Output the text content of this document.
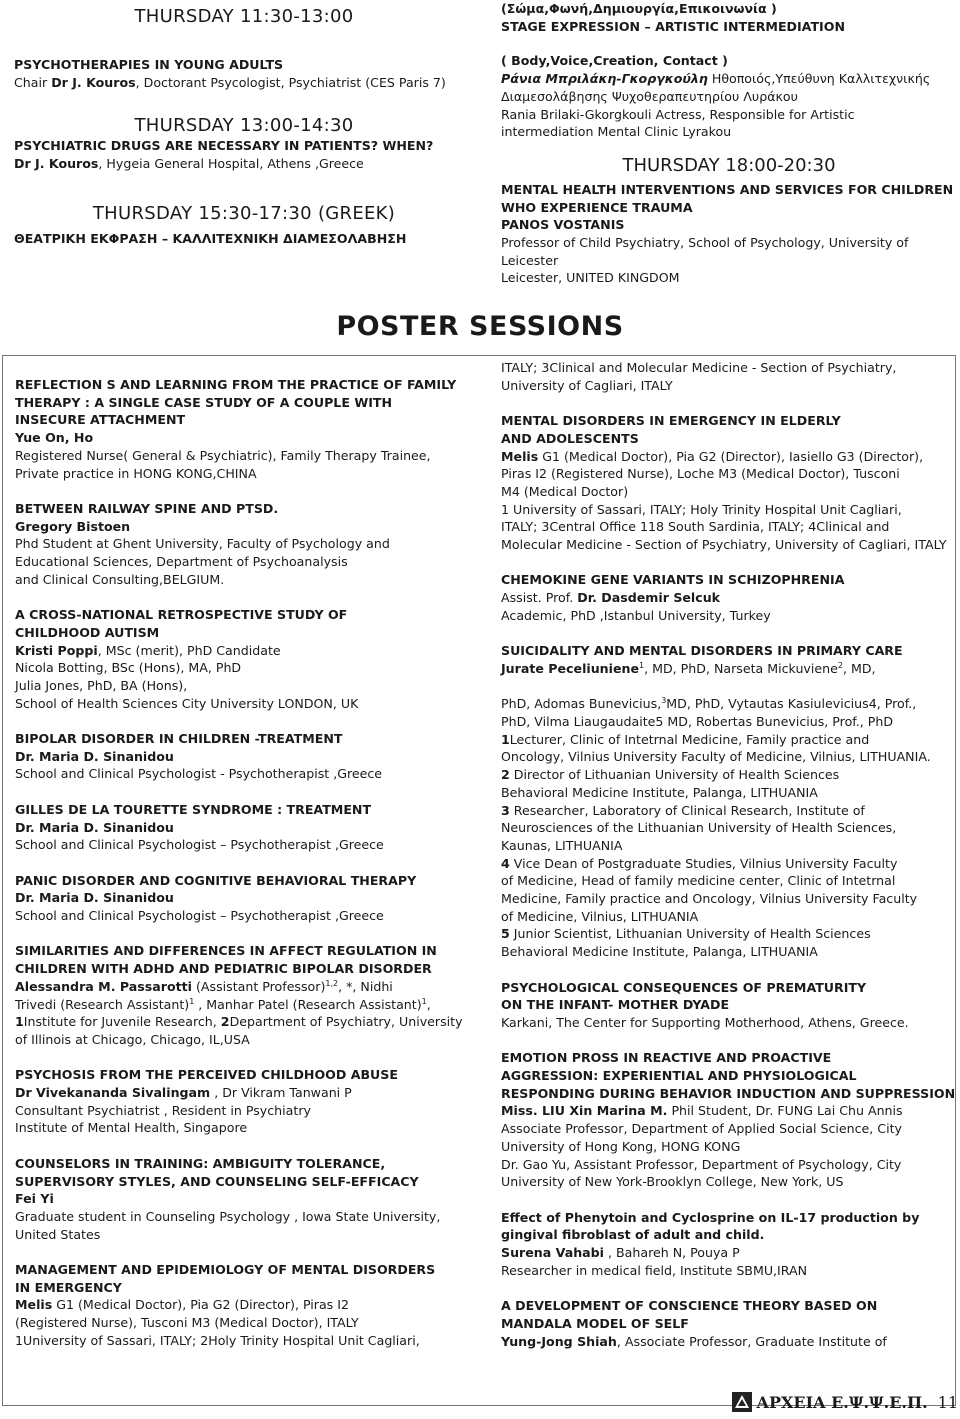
THURSDAY 11:30-13:00

PSYCHOTHERAPIES IN YOUNG ADULTS

Chair Dr J. Kouros, Doctorant Psycologist, Psychiatrist (CES Paris 7)

THURSDAY 13:00-14:30

PSYCHIATRIC DRUGS ARE NECESSARY IN PATIENTS? WHEN?

Dr J. Kouros, Hygeia General Hospital, Athens ,Greece

THURSDAY 15:30-17:30 (GREEK)

ΘΕΑΤΡΙΚΗ ΕΚΦΡΑΣΗ – ΚΑΛΛΙΤΕΧΝΙΚΗ ΔΙΑΜΕΣΟΛΑΒΗΣΗ

(Σώμα,Φωνή,Δημιουργία,Επικοινωνία )

STAGE EXPRESSION – ARTISTIC INTERMEDIATION

( Body,Voice,Creation, Contact )

Ράνια Μπριλάκη-Γκοργκούλη Ηθοποιός,Υπεύθυνη Καλλιτεχνικής

Διαμεσολάβησης Ψυχοθεραπευτηρίου Λυράκου

Rania Brilaki-Gkorgkouli Actress, Responsible for Artistic

intermediation Mental Clinic Lyrakou

THURSDAY 18:00-20:30

MENTAL HEALTH INTERVENTIONS AND SERVICES FOR CHILDREN

WHO EXPERIENCE TRAUMA

PANOS VOSTANIS

Professor of Child Psychiatry, School of Psychology, University of Leicester

Leicester, UNITED KINGDOM

POSTER SESSIONS

REFLECTION S AND LEARNING FROM THE PRACTICE OF FAMILY

THERAPY : A SINGLE CASE STUDY OF A COUPLE WITH

INSECURE ATTACHMENT

Yue On, Ho

Registered Nurse( General & Psychiatric), Family Therapy Trainee,

Private practice in HONG KONG,CHINA

BETWEEN RAILWAY SPINE AND PTSD.

Gregory Bistoen

Phd Student at Ghent University, Faculty of Psychology and

Educational Sciences, Department of Psychoanalysis

and Clinical Consulting,BELGIUM.

A CROSS-NATIONAL RETROSPECTIVE STUDY OF

CHILDHOOD AUTISM

Kristi Poppi, MSc (merit), PhD Candidate

Nicola Botting, BSc (Hons), MA, PhD

Julia Jones, PhD, BA (Hons),

School of Health Sciences City University LONDON, UK

BIPOLAR DISORDER IN CHILDREN -TREATMENT

Dr. Maria D. Sinanidou

School and Clinical Psychologist - Psychotherapist ,Greece

GILLES DE LA TOURETTE SYNDROME : TREATMENT

Dr. Maria D. Sinanidou

School and Clinical Psychologist – Psychotherapist ,Greece

PANIC DISORDER AND COGNITIVE BEHAVIORAL THERAPY

Dr. Maria D. Sinanidou

School and Clinical Psychologist – Psychotherapist ,Greece

SIMILARITIES AND DIFFERENCES IN AFFECT REGULATION IN

CHILDREN WITH ADHD AND PEDIATRIC BIPOLAR DISORDER

Alessandra M. Passarotti (Assistant Professor)$^{1,2}$, *, Nidhi

Trivedi (Research Assistant)$^1$ , Manhar Patel (Research Assistant)$^1$,

1Institute for Juvenile Research, 2Department of Psychiatry, University

of Illinois at Chicago, Chicago, IL,USA

PSYCHOSIS FROM THE PERCEIVED CHILDHOOD ABUSE

Dr Vivekananda Sivalingam , Dr Vikram Tanwani P

Consultant Psychiatrist , Resident in Psychiatry

Institute of Mental Health, Singapore

COUNSELORS IN TRAINING: AMBIGUITY TOLERANCE,

SUPERVISORY STYLES, AND COUNSELING SELF-EFFICACY

Fei Yi

Graduate student in Counseling Psychology , Iowa State University,

United States

MANAGEMENT AND EPIDEMIOLOGY OF MENTAL DISORDERS

IN EMERGENCY

Melis G1 (Medical Doctor), Pia G2 (Director), Piras I2

(Registered Nurse), Tusconi M3 (Medical Doctor), ITALY

1University of Sassari, ITALY; 2Holy Trinity Hospital Unit Cagliari,

ITALY; 3Clinical and Molecular Medicine - Section of Psychiatry,

University of Cagliari, ITALY

MENTAL DISORDERS IN EMERGENCY IN ELDERLY

AND ADOLESCENTS

Melis G1 (Medical Doctor), Pia G2 (Director), Iasiello G3 (Director),

Piras I2 (Registered Nurse), Loche M3 (Medical Doctor), Tusconi

M4 (Medical Doctor)

1 University of Sassari, ITALY; Holy Trinity Hospital Unit Cagliari,

ITALY; 3Central Office 118 South Sardinia, ITALY; 4Clinical and

Molecular Medicine - Section of Psychiatry, University of Cagliari, ITALY

CHEMOKINE GENE VARIANTS IN SCHIZOPHRENIA

Assist. Prof. Dr. Dasdemir Selcuk

Academic, PhD ,Istanbul University, Turkey

SUICIDALITY AND MENTAL DISORDERS IN PRIMARY CARE

Jurate Peceliuniene$^1$, MD, PhD, Narseta Mickuviene$^2$, MD,

PhD, Adomas Bunevicius,$^3$MD, PhD, Vytautas Kasiulevicius4, Prof.,

PhD, Vilma Liaugaudaite5 MD, Robertas Bunevicius, Prof., PhD

1Lecturer, Clinic of Intetrnal Medicine, Family practice and

Oncology, Vilnius University Faculty of Medicine, Vilnius, LITHUANIA.

2 Director of Lithuanian University of Health Sciences

Behavioral Medicine Institute, Palanga, LITHUANIA

3 Researcher, Laboratory of Clinical Research, Institute of

Neurosciences of the Lithuanian University of Health Sciences,

Kaunas, LITHUANIA

4 Vice Dean of Postgraduate Studies, Vilnius University Faculty

of Medicine, Head of family medicine center, Clinic of Intetrnal

Medicine, Family practice and Oncology, Vilnius University Faculty

of Medicine, Vilnius, LITHUANIA

5 Junior Scientist, Lithuanian University of Health Sciences

Behavioral Medicine Institute, Palanga, LITHUANIA

PSYCHOLOGICAL CONSEQUENCES OF PREMATURITY

ON THE INFANT- MOTHER DYADE

Karkani, The Center for Supporting Motherhood, Athens, Greece.

EMOTION PROSS IN REACTIVE AND PROACTIVE

AGGRESSION: EXPERIENTIAL AND PHYSIOLOGICAL

RESPONDING DURING BEHAVIOR INDUCTION AND SUPPRESSION

Miss. LIU Xin Marina M. Phil Student, Dr. FUNG Lai Chu Annis

Associate Professor, Department of Applied Social Science, City

University of Hong Kong, HONG KONG

Dr. Gao Yu, Assistant Professor, Department of Psychology, City

University of New York-Brooklyn College, New York, US

Effect of Phenytoin and Cyclosprine on IL-17 production by

gingival fibroblast of adult and child.

Surena Vahabi , Bahareh N, Pouya P

Researcher in medical field, Institute SBMU,IRAN

A DEVELOPMENT OF CONSCIENCE THEORY BASED ON

MANDALA MODEL OF SELF

Yung-Jong Shiah, Associate Professor, Graduate Institute of

ΑΡΧΕΙΑ Ε.Ψ.Ψ.Ε.Π. 11
